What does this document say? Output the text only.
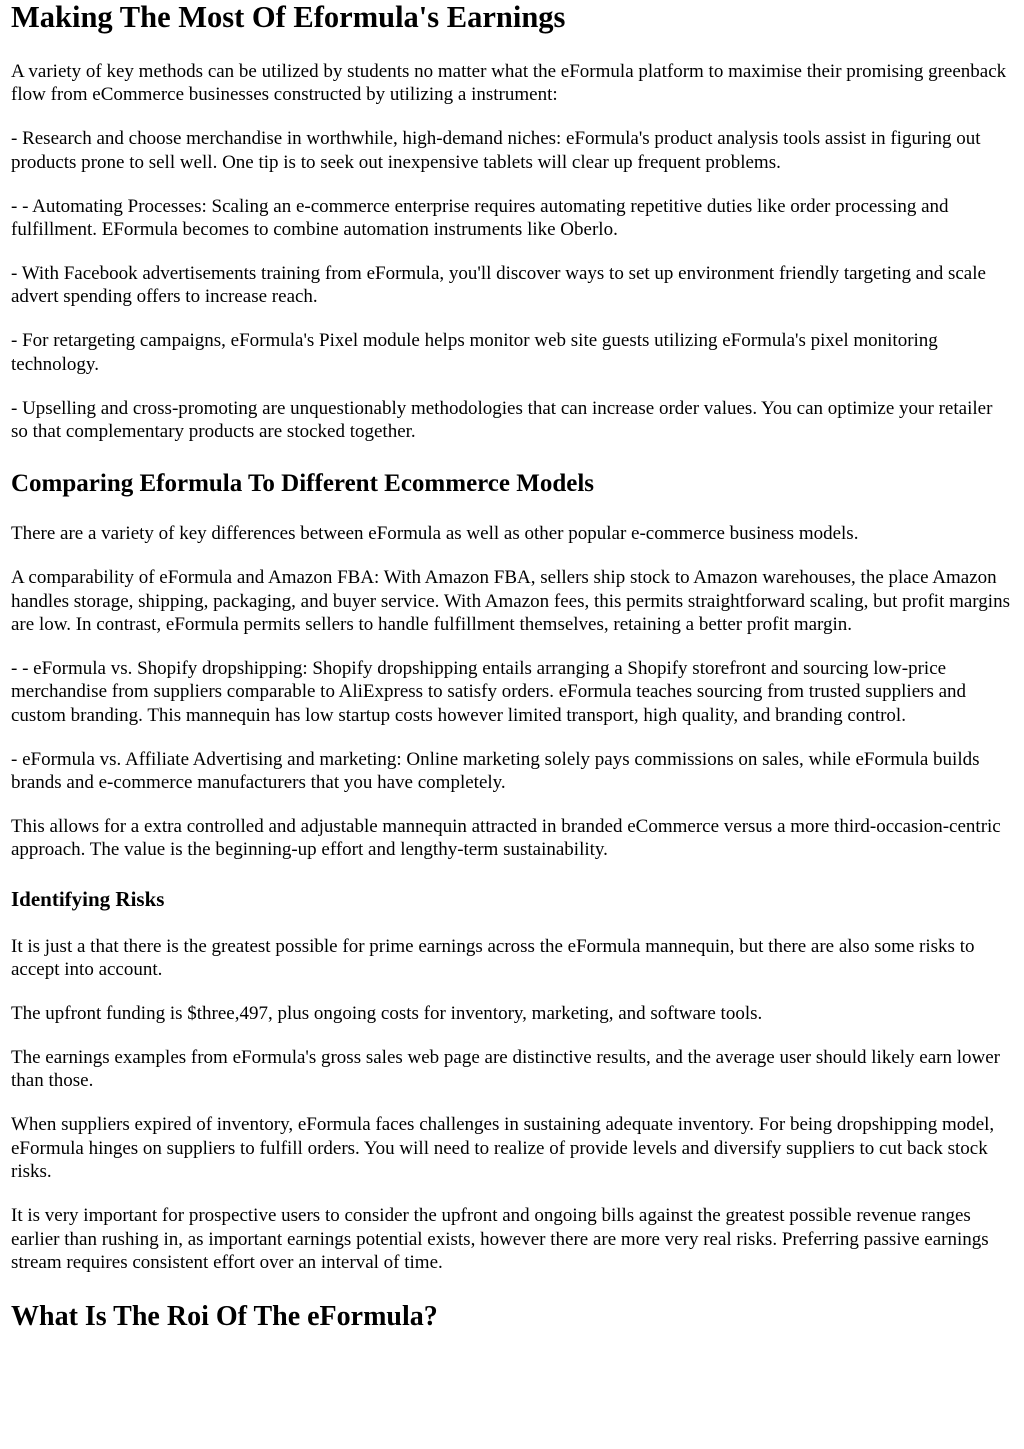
Making The Most Of Eformula's Earnings

A variety of key methods can be utilized by students no matter what the eFormula platform to maximise their promising greenback flow from eCommerce businesses constructed by utilizing a instrument:

- Research and choose merchandise in worthwhile, high-demand niches: eFormula's product analysis tools assist in figuring out products prone to sell well. One tip is to seek out inexpensive tablets will clear up frequent problems.

- - Automating Processes: Scaling an e-commerce enterprise requires automating repetitive duties like order processing and fulfillment. EFormula becomes to combine automation instruments like Oberlo.

- With Facebook advertisements training from eFormula, you'll discover ways to set up environment friendly targeting and scale advert spending offers to increase reach.

- For retargeting campaigns, eFormula's Pixel module helps monitor web site guests utilizing eFormula's pixel monitoring technology.

- Upselling and cross-promoting are unquestionably methodologies that can increase order values. You can optimize your retailer so that complementary products are stocked together.

Comparing Eformula To Different Ecommerce Models

There are a variety of key differences between eFormula as well as other popular e-commerce business models.

A comparability of eFormula and Amazon FBA: With Amazon FBA, sellers ship stock to Amazon warehouses, the place Amazon handles storage, shipping, packaging, and buyer service. With Amazon fees, this permits straightforward scaling, but profit margins are low. In contrast, eFormula permits sellers to handle fulfillment themselves, retaining a better profit margin.

- - eFormula vs. Shopify dropshipping: Shopify dropshipping entails arranging a Shopify storefront and sourcing low-price merchandise from suppliers comparable to AliExpress to satisfy orders. eFormula teaches sourcing from trusted suppliers and custom branding. This mannequin has low startup costs however limited transport, high quality, and branding control.

- eFormula vs. Affiliate Advertising and marketing: Online marketing solely pays commissions on sales, while eFormula builds brands and e-commerce manufacturers that you have completely.

This allows for a extra controlled and adjustable mannequin attracted in branded eCommerce versus a more third-occasion-centric approach. The value is the beginning-up effort and lengthy-term sustainability.

Identifying Risks

It is just a that there is the greatest possible for prime earnings across the eFormula mannequin, but there are also some risks to accept into account.

The upfront funding is $three,497, plus ongoing costs for inventory, marketing, and software tools.

The earnings examples from eFormula's gross sales web page are distinctive results, and the average user should likely earn lower than those.

When suppliers expired of inventory, eFormula faces challenges in sustaining adequate inventory. For being dropshipping model, eFormula hinges on suppliers to fulfill orders. You will need to realize of provide levels and diversify suppliers to cut back stock risks.

It is very important for prospective users to consider the upfront and ongoing bills against the greatest possible revenue ranges earlier than rushing in, as important earnings potential exists, however there are more very real risks. Preferring passive earnings stream requires consistent effort over an interval of time.

What Is The Roi Of The eFormula?
